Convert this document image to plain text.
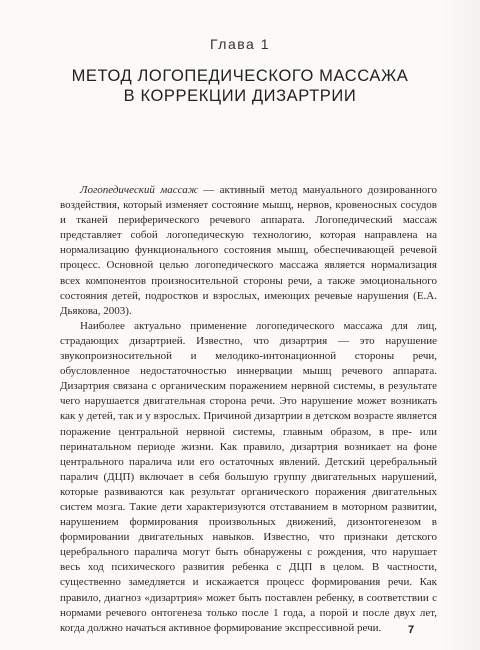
Глава 1
МЕТОД ЛОГОПЕДИЧЕСКОГО МАССАЖА
В КОРРЕКЦИИ ДИЗАРТРИИ

Логопедический массаж — активный метод мануального дозированного воздействия, который изменяет состояние мышц, нервов, кровеносных сосудов и тканей периферического речевого аппарата. Логопедический массаж представляет собой логопедическую технологию, которая направлена на нормализацию функционального состояния мышц, обеспечивающей речевой процесс. Основной целью логопедического массажа является нормализация всех компонентов произносительной стороны речи, а также эмоционального состояния детей, подростков и взрослых, имеющих речевые нарушения (Е.А. Дьякова, 2003).

Наиболее актуально применение логопедического массажа для лиц, страдающих дизартрией. Известно, что дизартрия — это нарушение звукопроизносительной и мелодико-интонационной стороны речи, обусловленное недостаточностью иннервации мышц речевого аппарата. Дизартрия связана с органическим поражением нервной системы, в результате чего нарушается двигательная сторона речи. Это нарушение может возникать как у детей, так и у взрослых. Причиной дизартрии в детском возрасте является поражение центральной нервной системы, главным образом, в пре- или перинатальном периоде жизни. Как правило, дизартрия возникает на фоне центрального паралича или его остаточных явлений. Детский церебральный паралич (ДЦП) включает в себя большую группу двигательных нарушений, которые развиваются как результат органического поражения двигательных систем мозга. Такие дети характеризуются отставанием в моторном развитии, нарушением формирования произвольных движений, дизонтогенезом в формировании двигательных навыков. Известно, что признаки детского церебрального паралича могут быть обнаружены с рождения, что нарушает весь ход психического развития ребенка с ДЦП в целом. В частности, существенно замедляется и искажается процесс формирования речи. Как правило, диагноз «дизартрия» может быть поставлен ребенку, в соответствии с нормами речевого онтогенеза только после 1 года, а порой и после двух лет, когда должно начаться активное формирование экспрессивной речи.	7
